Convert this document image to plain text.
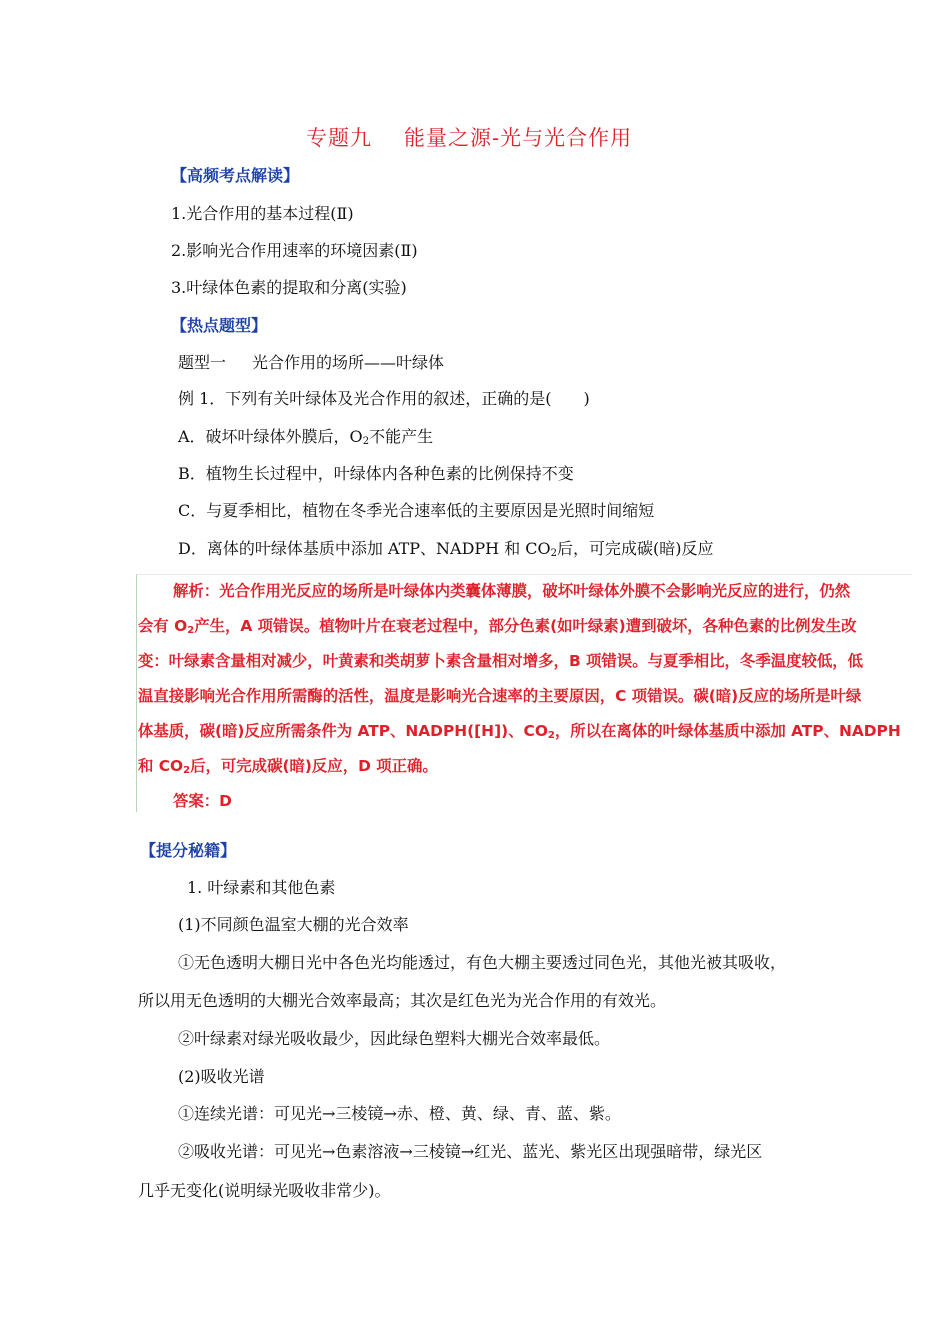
专题九 能量之源-光与光合作用
【高频考点解读】
1.光合作用的基本过程(Ⅱ)
2.影响光合作用速率的环境因素(Ⅱ)
3.叶绿体色素的提取和分离(实验)
【热点题型】
题型一 光合作用的场所——叶绿体
例 1．下列有关叶绿体及光合作用的叙述，正确的是(　　)
A．破坏叶绿体外膜后，$O_2$不能产生
B．植物生长过程中，叶绿体内各种色素的比例保持不变
C．与夏季相比，植物在冬季光合速率低的主要原因是光照时间缩短
D．离体的叶绿体基质中添加 ATP、NADPH 和 $CO_2$后，可完成碳(暗)反应
解析：光合作用光反应的场所是叶绿体内类囊体薄膜，破坏叶绿体外膜不会影响光反应的进行，仍然
会有 $O_2$产生，A 项错误。植物叶片在衰老过程中，部分色素(如叶绿素)遭到破坏，各种色素的比例发生改
变：叶绿素含量相对减少，叶黄素和类胡萝卜素含量相对增多，B 项错误。与夏季相比，冬季温度较低，低
温直接影响光合作用所需酶的活性，温度是影响光合速率的主要原因，C 项错误。碳(暗)反应的场所是叶绿
体基质，碳(暗)反应所需条件为 ATP、NADPH([H])、$CO_2$，所以在离体的叶绿体基质中添加 ATP、NADPH
和 $CO_2$后，可完成碳(暗)反应，D 项正确。
答案：D
【提分秘籍】
1. 叶绿素和其他色素
(1)不同颜色温室大棚的光合效率
①无色透明大棚日光中各色光均能透过，有色大棚主要透过同色光，其他光被其吸收，
所以用无色透明的大棚光合效率最高；其次是红色光为光合作用的有效光。
②叶绿素对绿光吸收最少，因此绿色塑料大棚光合效率最低。
(2)吸收光谱
①连续光谱：可见光→三棱镜→赤、橙、黄、绿、青、蓝、紫。
②吸收光谱：可见光→色素溶液→三棱镜→红光、蓝光、紫光区出现强暗带，绿光区
几乎无变化(说明绿光吸收非常少)。
